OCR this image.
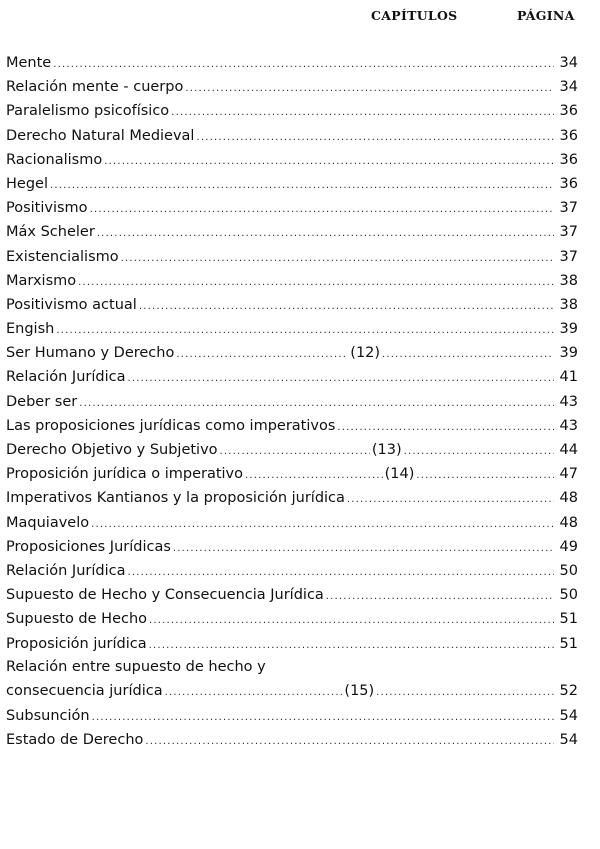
CAPÍTULOS	PÁGINA
Mente .....	34
Relación mente - cuerpo .....	34
Paralelismo psicofísico .....	36
Derecho Natural Medieval .....	36
Racionalismo .....	36
Hegel .....	36
Positivismo .....	37
Máx Scheler .....	37
Existencialismo .....	37
Marxismo .....	38
Positivismo actual .....	38
Engish .....	39
Ser Humano y Derecho .....	(12) .....	39
Relación Jurídica .....	41
Deber ser .....	43
Las proposiciones jurídicas como imperativos .....	43
Derecho Objetivo y Subjetivo .....	(13) .....	44
Proposición jurídica o imperativo .....	(14) .....	47
Imperativos Kantianos y la proposición jurídica .....	48
Maquiavelo .....	48
Proposiciones Jurídicas .....	49
Relación Jurídica .....	50
Supuesto de Hecho y Consecuencia Jurídica .....	50
Supuesto de Hecho .....	51
Proposición jurídica .....	51
Relación entre supuesto de hecho y
consecuencia jurídica .....	(15) .....	52
Subsunción .....	54
Estado de Derecho .....	54
